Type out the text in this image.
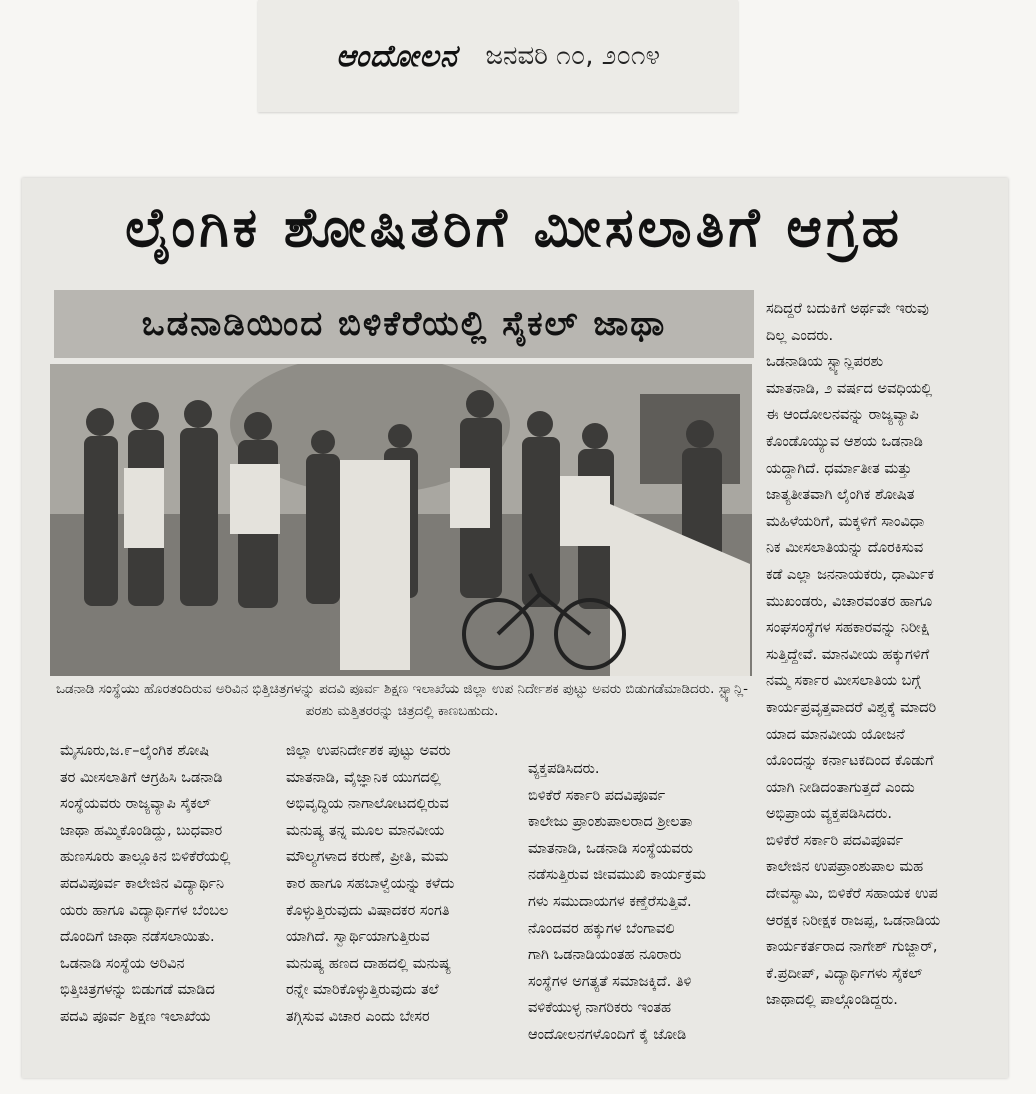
ಆಂದೋಲನ ಜನವರಿ ೧೦, ೨೦೧೪
ಲೈಂಗಿಕ ಶೋಷಿತರಿಗೆ ಮೀಸಲಾತಿಗೆ ಆಗ್ರಹ
ಒಡನಾಡಿಯಿಂದ ಬಿಳಿಕೆರೆಯಲ್ಲಿ ಸೈಕಲ್ ಜಾಥಾ
ಒಡನಾಡಿ ಸಂಸ್ಥೆಯು ಹೊರತಂದಿರುವ ಅರಿವಿನ ಭಿತ್ತಿಚಿತ್ರಗಳನ್ನು ಪದವಿ ಪೂರ್ವ ಶಿಕ್ಷಣ ಇಲಾಖೆಯ ಜಿಲ್ಲಾ ಉಪ ನಿರ್ದೇಶಕ ಪುಟ್ಟು ಅವರು ಬಿಡುಗಡೆಮಾಡಿದರು. ಸ್ಟ್ಯಾನ್ಲಿ-ಪರಶು ಮತ್ತಿತರರನ್ನು ಚಿತ್ರದಲ್ಲಿ ಕಾಣಬಹುದು.
ಮೈಸೂರು,ಜ.೯–ಲೈಂಗಿಕ ಶೋಷಿ
ತರ ಮೀಸಲಾತಿಗೆ ಆಗ್ರಹಿಸಿ ಒಡನಾಡಿ
ಸಂಸ್ಥೆಯವರು ರಾಜ್ಯವ್ಯಾಪಿ ಸೈಕಲ್
ಜಾಥಾ ಹಮ್ಮಿಕೊಂಡಿದ್ದು, ಬುಧವಾರ
ಹುಣಸೂರು ತಾಲ್ಲೂಕಿನ ಬಿಳಿಕೆರೆಯಲ್ಲಿ
ಪದವಿಪೂರ್ವ ಕಾಲೇಜಿನ ವಿದ್ಯಾರ್ಥಿನಿ
ಯರು ಹಾಗೂ ವಿದ್ಯಾರ್ಥಿಗಳ ಬೆಂಬಲ
ದೊಂದಿಗೆ ಜಾಥಾ ನಡೆಸಲಾಯಿತು.
ಒಡನಾಡಿ ಸಂಸ್ಥೆಯ ಅರಿವಿನ
ಭಿತ್ತಿಚಿತ್ರಗಳನ್ನು ಬಿಡುಗಡೆ ಮಾಡಿದ
ಪದವಿ ಪೂರ್ವ ಶಿಕ್ಷಣ ಇಲಾಖೆಯ
ಜಿಲ್ಲಾ ಉಪನಿರ್ದೇಶಕ ಪುಟ್ಟು ಅವರು
ಮಾತನಾಡಿ, ವೈಜ್ಞಾನಿಕ ಯುಗದಲ್ಲಿ
ಅಭಿವೃದ್ಧಿಯ ನಾಗಾಲೋಟದಲ್ಲಿರುವ
ಮನುಷ್ಯ ತನ್ನ ಮೂಲ ಮಾನವೀಯ
ಮೌಲ್ಯಗಳಾದ ಕರುಣೆ, ಪ್ರೀತಿ, ಮಮ
ಕಾರ ಹಾಗೂ ಸಹಬಾಳ್ವೆಯನ್ನು ಕಳೆದು
ಕೊಳ್ಳುತ್ತಿರುವುದು ವಿಷಾದಕರ ಸಂಗತಿ
ಯಾಗಿದೆ. ಸ್ವಾರ್ಥಿಯಾಗುತ್ತಿರುವ
ಮನುಷ್ಯ ಹಣದ ದಾಹದಲ್ಲಿ ಮನುಷ್ಯ
ರನ್ನೇ ಮಾರಿಕೊಳ್ಳುತ್ತಿರುವುದು ತಲೆ
ತಗ್ಗಿಸುವ ವಿಚಾರ ಎಂದು ಬೇಸರ
ವ್ಯಕ್ತಪಡಿಸಿದರು.
ಬಿಳಿಕೆರೆ ಸರ್ಕಾರಿ ಪದವಿಪೂರ್ವ
ಕಾಲೇಜು ಪ್ರಾಂಶುಪಾಲರಾದ ಶ್ರೀಲತಾ
ಮಾತನಾಡಿ, ಒಡನಾಡಿ ಸಂಸ್ಥೆಯವರು
ನಡೆಸುತ್ತಿರುವ ಜೀವಮುಖಿ ಕಾರ್ಯಕ್ರಮ
ಗಳು ಸಮುದಾಯಗಳ ಕಣ್ತೆರೆಸುತ್ತಿವೆ.
ನೊಂದವರ ಹಕ್ಕುಗಳ ಬೆಂಗಾವಲಿ
ಗಾಗಿ ಒಡನಾಡಿಯಂತಹ ನೂರಾರು
ಸಂಸ್ಥೆಗಳ ಅಗತ್ಯತೆ ಸಮಾಜಕ್ಕಿದೆ. ತಿಳಿ
ವಳಿಕೆಯುಳ್ಳ ನಾಗರಿಕರು ಇಂತಹ
ಆಂದೋಲನಗಳೊಂದಿಗೆ ಕೈ ಜೋಡಿ
ಸದಿದ್ದರೆ ಬದುಕಿಗೆ ಅರ್ಥವೇ ಇರುವು
ದಿಲ್ಲ ಎಂದರು.
ಒಡನಾಡಿಯ ಸ್ಟ್ಯಾನ್ಲಿಪರಶು
ಮಾತನಾಡಿ, ೨ ವರ್ಷದ ಅವಧಿಯಲ್ಲಿ
ಈ ಆಂದೋಲನವನ್ನು ರಾಜ್ಯವ್ಯಾಪಿ
ಕೊಂಡೊಯ್ಯುವ ಆಶಯ ಒಡನಾಡಿ
ಯದ್ದಾಗಿದೆ. ಧರ್ಮಾತೀತ ಮತ್ತು
ಜಾತ್ಯತೀತವಾಗಿ ಲೈಂಗಿಕ ಶೋಷಿತ
ಮಹಿಳೆಯರಿಗೆ, ಮಕ್ಕಳಿಗೆ ಸಾಂವಿಧಾ
ನಿಕ ಮೀಸಲಾತಿಯನ್ನು ದೊರಕಿಸುವ
ಕಡೆ ಎಲ್ಲಾ ಜನನಾಯಕರು, ಧಾರ್ಮಿಕ
ಮುಖಂಡರು, ವಿಚಾರವಂತರ ಹಾಗೂ
ಸಂಘಸಂಸ್ಥೆಗಳ ಸಹಕಾರವನ್ನು ನಿರೀಕ್ಷಿ
ಸುತ್ತಿದ್ದೇವೆ. ಮಾನವೀಯ ಹಕ್ಕುಗಳಿಗೆ
ನಮ್ಮ ಸರ್ಕಾರ ಮೀಸಲಾತಿಯ ಬಗ್ಗೆ
ಕಾರ್ಯಪ್ರವೃತ್ತವಾದರೆ ವಿಶ್ವಕ್ಕೆ ಮಾದರಿ
ಯಾದ ಮಾನವೀಯ ಯೋಜನೆ
ಯೊಂದನ್ನು ಕರ್ನಾಟಕದಿಂದ ಕೊಡುಗೆ
ಯಾಗಿ ನೀಡಿದಂತಾಗುತ್ತದೆ ಎಂದು
ಅಭಿಪ್ರಾಯ ವ್ಯಕ್ತಪಡಿಸಿದರು.
ಬಿಳಿಕೆರೆ ಸರ್ಕಾರಿ ಪದವಿಪೂರ್ವ
ಕಾಲೇಜಿನ ಉಪಪ್ರಾಂಶುಪಾಲ ಮಹ
ದೇವಸ್ವಾಮಿ, ಬಿಳಿಕೆರೆ ಸಹಾಯಕ ಉಪ
ಆರಕ್ಷಕ ನಿರೀಕ್ಷಕ ರಾಜಪ್ಪ, ಒಡನಾಡಿಯ
ಕಾರ್ಯಕರ್ತರಾದ ನಾಗೇಶ್ ಗುಜ್ಜಾರ್,
ಕೆ.ಪ್ರದೀಪ್, ವಿದ್ಯಾರ್ಥಿಗಳು ಸೈಕಲ್
ಜಾಥಾದಲ್ಲಿ ಪಾಲ್ಗೊಂಡಿದ್ದರು.
